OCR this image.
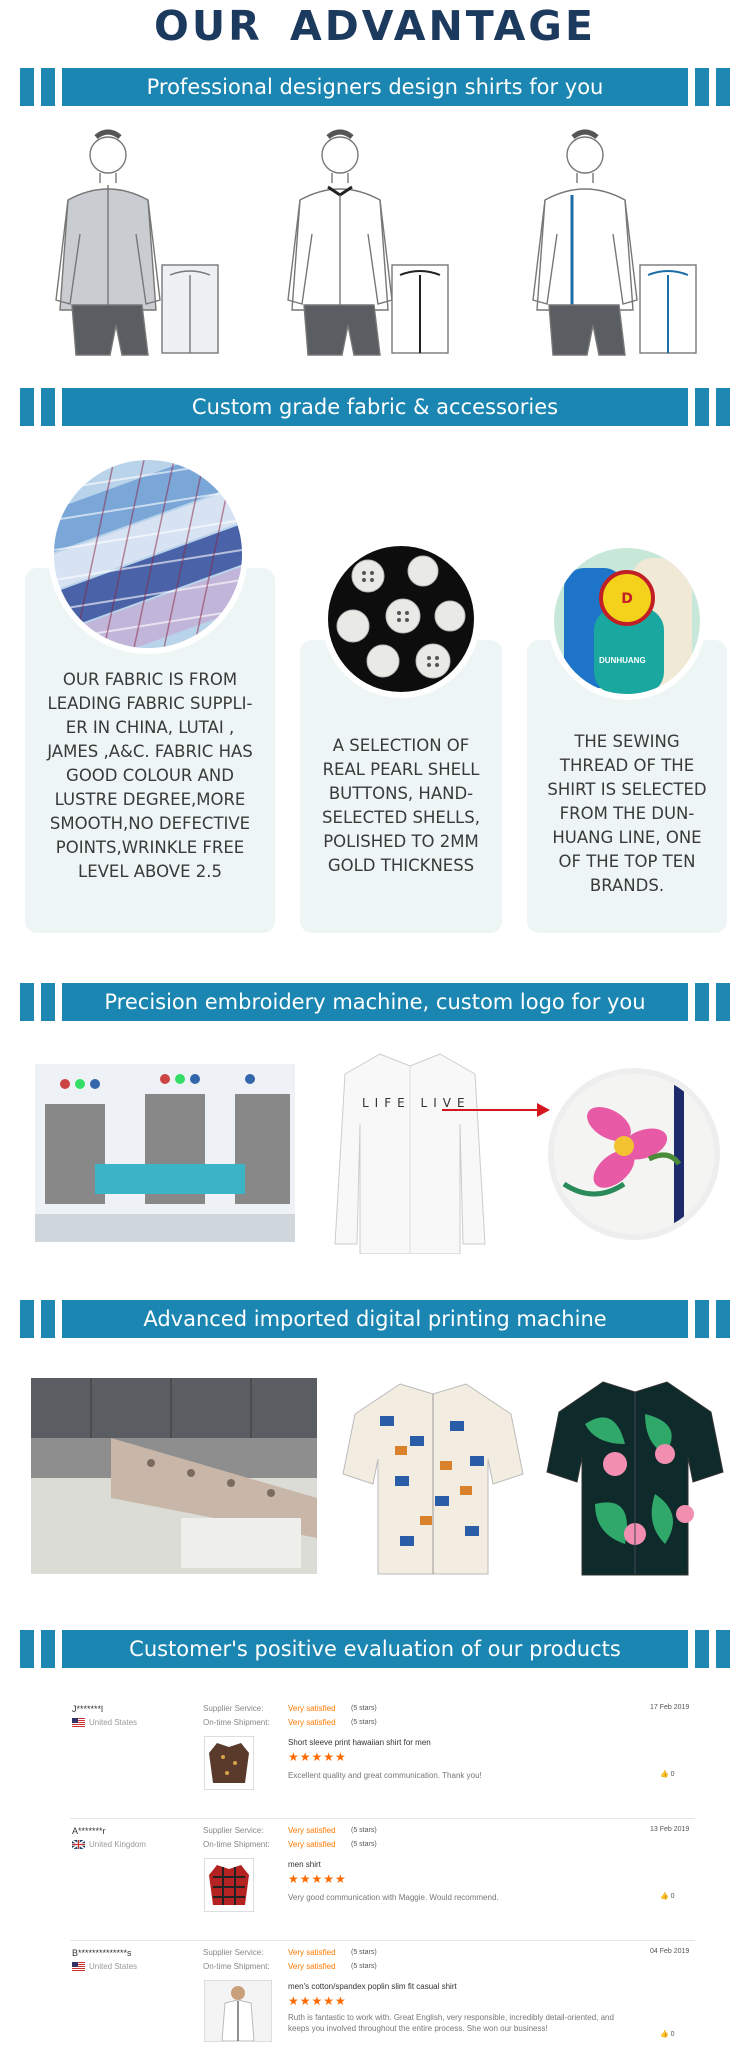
OUR ADVANTAGE
Professional designers design shirts for you
Custom grade fabric & accessories
OUR FABRIC IS FROM LEADING FABRIC SUPPLI-ER IN CHINA, LUTAI , JAMES ,A&C. FABRIC HAS GOOD COLOUR AND LUSTRE DEGREE,MORE SMOOTH,NO DEFECTIVE POINTS,WRINKLE FREE LEVEL ABOVE 2.5
A SELECTION OF REAL PEARL SHELL BUTTONS, HAND-SELECTED SHELLS, POLISHED TO 2MM GOLD THICKNESS
THE SEWING THREAD OF THE SHIRT IS SELECTED FROM THE DUN-HUANG LINE, ONE OF THE TOP TEN BRANDS.
D
DUNHUANG
Precision embroidery machine, custom logo for you
LIFE LIVE
Advanced imported digital printing machine
Customer's positive evaluation of our products
J*******l
United States
Supplier Service:	Very satisfied (5 stars)
On-time Shipment: Very satisfied (5 stars)
17 Feb 2019
Short sleeve print hawaiian shirt for men
★★★★★
Excellent quality and great communication. Thank you!	👍 0
A*******r
United Kingdom
Supplier Service:	Very satisfied (5 stars)
On-time Shipment: Very satisfied (5 stars)
13 Feb 2019
men shirt
★★★★★
Very good communication with Maggie. Would recommend.	👍 0
B**************s
United States
Supplier Service:	Very satisfied (5 stars)
On-time Shipment: Very satisfied (5 stars)
04 Feb 2019
men's cotton/spandex poplin slim fit casual shirt
★★★★★
Ruth is fantastic to work with. Great English, very responsible, incredibly detail-oriented, and keeps you involved throughout the entire process. She won our business!
👍 0
